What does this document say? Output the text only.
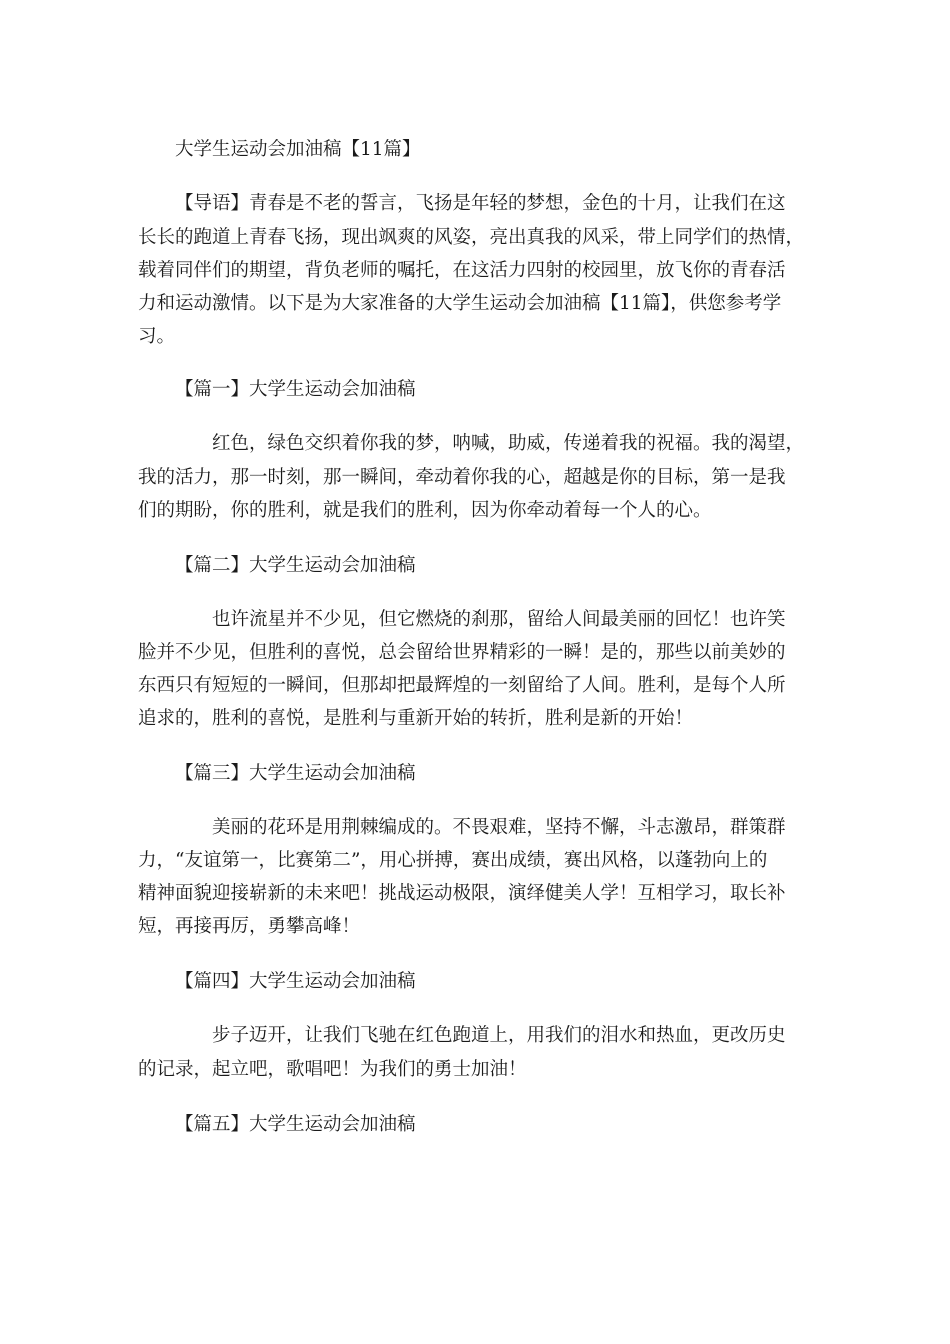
大学生运动会加油稿【11篇】
【导语】青春是不老的誓言，飞扬是年轻的梦想，金色的十月，让我们在这
长长的跑道上青春飞扬，现出飒爽的风姿，亮出真我的风采，带上同学们的热情，
载着同伴们的期望，背负老师的嘱托，在这活力四射的校园里，放飞你的青春活
力和运动激情。以下是为大家准备的大学生运动会加油稿【11篇】，供您参考学
习。
【篇一】大学生运动会加油稿
红色，绿色交织着你我的梦，呐喊，助威，传递着我的祝福。我的渴望，
我的活力，那一时刻，那一瞬间，牵动着你我的心，超越是你的目标，第一是我
们的期盼，你的胜利，就是我们的胜利，因为你牵动着每一个人的心。
【篇二】大学生运动会加油稿
也许流星并不少见，但它燃烧的刹那，留给人间最美丽的回忆！也许笑
脸并不少见，但胜利的喜悦，总会留给世界精彩的一瞬！是的，那些以前美妙的
东西只有短短的一瞬间，但那却把最辉煌的一刻留给了人间。胜利，是每个人所
追求的，胜利的喜悦，是胜利与重新开始的转折，胜利是新的开始！
【篇三】大学生运动会加油稿
美丽的花环是用荆棘编成的。不畏艰难，坚持不懈，斗志激昂，群策群
力，“友谊第一，比赛第二”，用心拼搏，赛出成绩，赛出风格，以蓬勃向上的
精神面貌迎接崭新的未来吧！挑战运动极限，演绎健美人学！互相学习，取长补
短，再接再厉，勇攀高峰！
【篇四】大学生运动会加油稿
步子迈开，让我们飞驰在红色跑道上，用我们的泪水和热血，更改历史
的记录，起立吧，歌唱吧！为我们的勇士加油！
【篇五】大学生运动会加油稿
